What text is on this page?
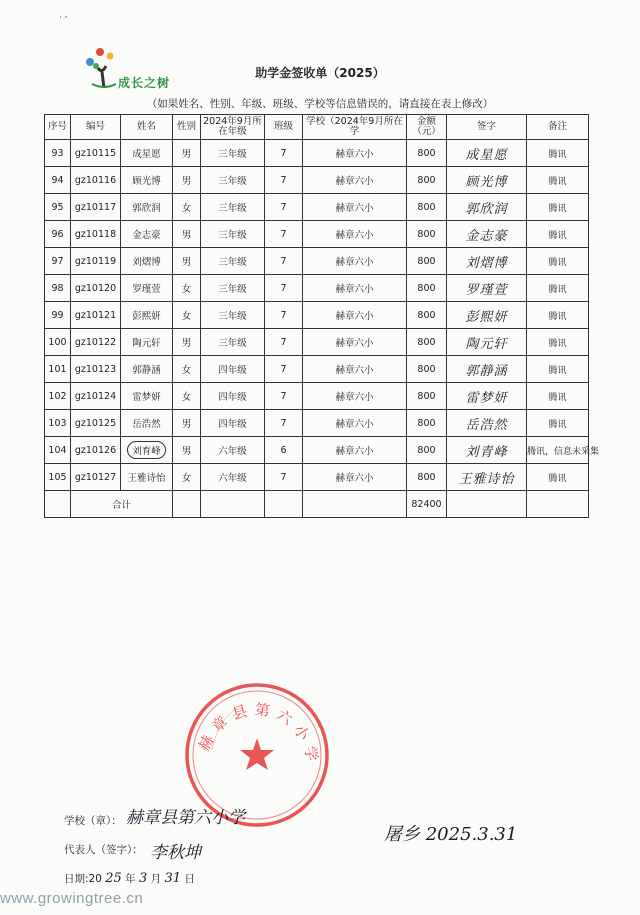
˙ˊ
成长之树
助学金签收单（2025）
（如果姓名、性别、年级、班级、学校等信息错误的，请直接在表上修改）
序号	编号	姓名	性别	2024年9月所在年级	班级	学校（2024年9月所在学	金额（元）	签字	备注
93	gz10115	成星愿	男	三年级	7	赫章六小	800	成星愿	腾讯
94	gz10116	顾光博	男	三年级	7	赫章六小	800	顾光博	腾讯
95	gz10117	郭欣润	女	三年级	7	赫章六小	800	郭欣润	腾讯
96	gz10118	金志豪	男	三年级	7	赫章六小	800	金志豪	腾讯
97	gz10119	刘熠博	男	三年级	7	赫章六小	800	刘熠博	腾讯
98	gz10120	罗瑾萱	女	三年级	7	赫章六小	800	罗瑾萱	腾讯
99	gz10121	彭熙妍	女	三年级	7	赫章六小	800	彭熙妍	腾讯
100	gz10122	陶元轩	男	三年级	7	赫章六小	800	陶元轩	腾讯
101	gz10123	郭静涵	女	四年级	7	赫章六小	800	郭静涵	腾讯
102	gz10124	雷梦妍	女	四年级	7	赫章六小	800	雷梦妍	腾讯
103	gz10125	岳浩然	男	四年级	7	赫章六小	800	岳浩然	腾讯
104	gz10126	刘育峰	男	六年级	6	赫章六小	800	刘青峰	腾讯，信息未采集
105	gz10127	王雅诗怡	女	六年级	7	赫章六小	800	王雅诗怡	腾讯
	合计						82400		
赫章县第六小学
学校（章）： 赫章县第六小学
代表人（签字）： 李秋坤
日期:20 25 年 3 月 31 日
屠乡 2025.3.31
www.growingtree.cn
